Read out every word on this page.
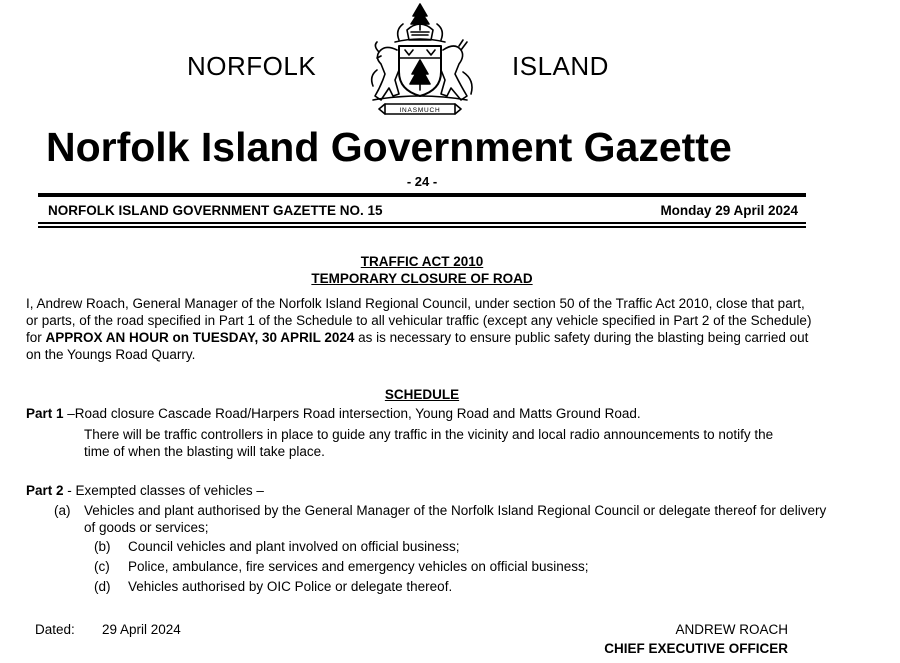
NORFOLK	ISLAND
INASMUCH
Norfolk Island Government Gazette
- 24 -
NORFOLK ISLAND GOVERNMENT GAZETTE NO. 15	Monday 29 April 2024
TRAFFIC ACT 2010
TEMPORARY CLOSURE OF ROAD
I, Andrew Roach, General Manager of the Norfolk Island Regional Council, under section 50 of the Traffic Act 2010, close that part, or parts, of the road specified in Part 1 of the Schedule to all vehicular traffic (except any vehicle specified in Part 2 of the Schedule) for APPROX AN HOUR on TUESDAY, 30 APRIL 2024 as is necessary to ensure public safety during the blasting being carried out on the Youngs Road Quarry.
SCHEDULE
Part 1 –Road closure Cascade Road/Harpers Road intersection, Young Road and Matts Ground Road.
There will be traffic controllers in place to guide any traffic in the vicinity and local radio announcements to notify the time of when the blasting will take place.
Part 2 - Exempted classes of vehicles –
(a) Vehicles and plant authorised by the General Manager of the Norfolk Island Regional Council or delegate thereof for delivery of goods or services;
(b) Council vehicles and plant involved on official business;
(c) Police, ambulance, fire services and emergency vehicles on official business;
(d) Vehicles authorised by OIC Police or delegate thereof.
Dated: 29 April 2024	ANDREW ROACH
CHIEF EXECUTIVE OFFICER
